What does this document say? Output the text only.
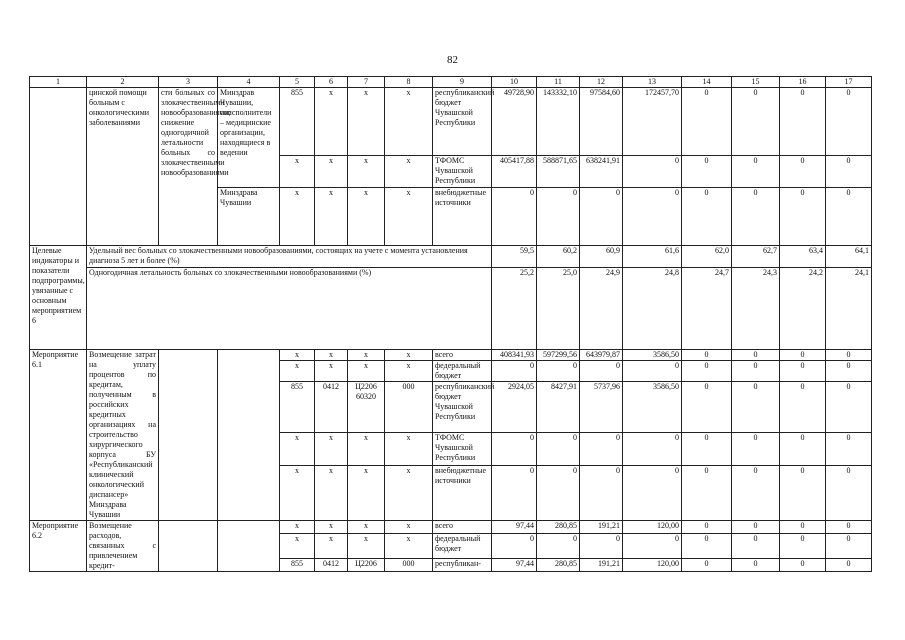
82
1	2	3	4	5	6	7	8	9	10	11	12	13	14	15	16	17
	цинской помощи больным с онкологическими заболеваниями	сти больных со злокачественными новообразованиями; снижение одногодичной летальности больных со злокачественными новообразованиями	Минздрав Чувашии, соисполнители – медицинские организации, находящиеся в ведении	855	x	x	x	республиканский бюджет Чувашской Республики	49728,90	143332,10	97584,60	172457,70	0	0	0	0
				x	x	x	x	ТФОМС Чувашской Республики	405417,88	588871,65	638241,91	0	0	0	0	0
			Минздрава Чувашии	x	x	x	x	внебюджетные источники	0	0	0	0	0	0	0	0
Целевые индикаторы и показатели подпрограммы, увязанные с основным мероприятием 6	Удельный вес больных со злокачественными новообразованиями, состоящих на учете с момента установления диагноза 5 лет и более (%)								59,5	60,2	60,9	61,6	62,0	62,7	63,4	64,1
	Одногодичная летальность больных со злокачественными новообразованиями (%)								25,2	25,0	24,9	24,8	24,7	24,3	24,2	24,1
Мероприятие 6.1	Возмещение затрат на уплату процентов по кредитам, полученным в российских кредитных организациях на строительство хирургического корпуса БУ «Республиканский клинический онкологический диспансер» Минздрава Чувашии			x	x	x	x	всего	408341,93	597299,56	643979,87	3586,50	0	0	0	0
				x	x	x	x	федеральный бюджет	0	0	0	0	0	0	0	0
				855	0412	Ц2206 60320	000	республиканский бюджет Чувашской Республики	2924,05	8427,91	5737,96	3586,50	0	0	0	0
				x	x	x	x	ТФОМС Чувашской Республики	0	0	0	0	0	0	0	0
				x	x	x	x	внебюджетные источники	0	0	0	0	0	0	0	0
Мероприятие 6.2	Возмещение расходов, связанных с привлечением кредит-			x	x	x	x	всего	97,44	280,85	191,21	120,00	0	0	0	0
				x	x	x	x	федеральный бюджет	0	0	0	0	0	0	0	0
				855	0412	Ц2206	000	республикан-	97,44	280,85	191,21	120,00	0	0	0	0
